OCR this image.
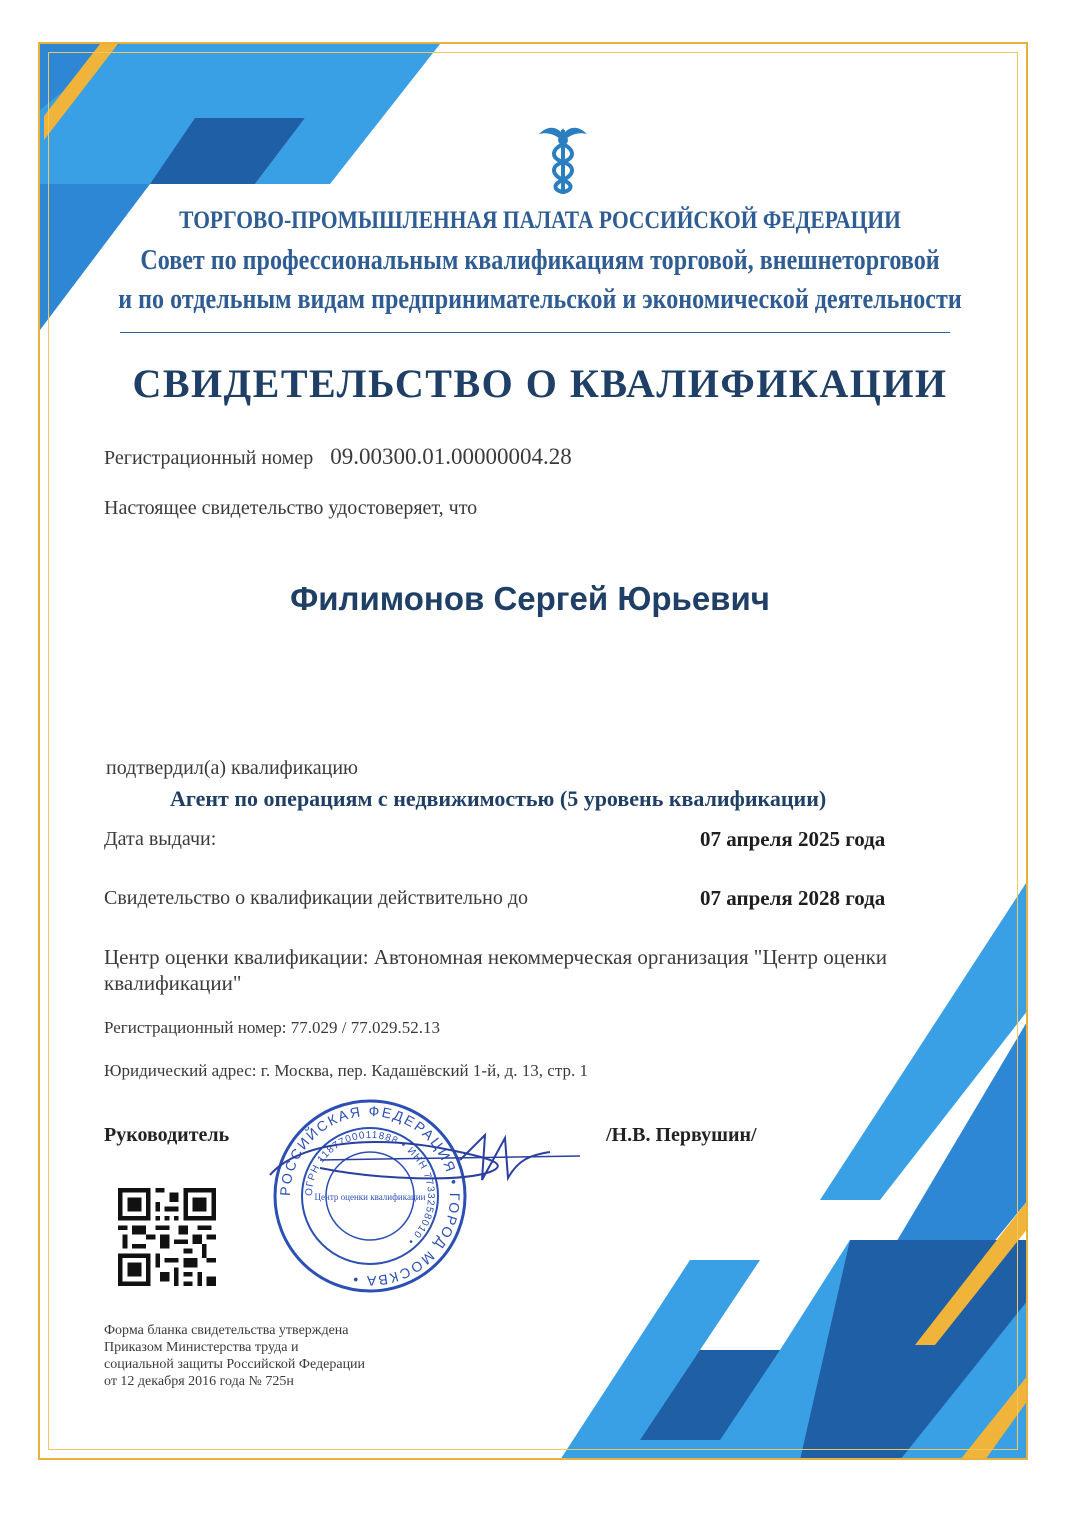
ТОРГОВО-ПРОМЫШЛЕННАЯ ПАЛАТА РОССИЙСКОЙ ФЕДЕРАЦИИ
Совет по профессиональным квалификациям торговой, внешнеторговой
и по отдельным видам предпринимательской и экономической деятельности
СВИДЕТЕЛЬСТВО О КВАЛИФИКАЦИИ
Регистрационный номер 09.00300.01.00000004.28
Настоящее свидетельство удостоверяет, что
Филимонов Сергей Юрьевич
подтвердил(а) квалификацию
Агент по операциям с недвижимостью (5 уровень квалификации)
Дата выдачи:	07 апреля 2025 года
Свидетельство о квалификации действительно до	07 апреля 2028 года
Центр оценки квалификации: Автономная некоммерческая организация "Центр оценки квалификации"
Регистрационный номер: 77.029 / 77.029.52.13
Юридический адрес: г. Москва, пер. Кадашёвский 1-й, д. 13, стр. 1
Руководитель	/Н.В. Первушин/
РОССИЙСКАЯ ФЕДЕРАЦИЯ • ГОРОД МОСКВА •
ОГРН 1187700011888 • ИНН 7733258010 •
Центр оценки квалификации
Форма бланка свидетельства утверждена
Приказом Министерства труда и
социальной защиты Российской Федерации
от 12 декабря 2016 года № 725н
